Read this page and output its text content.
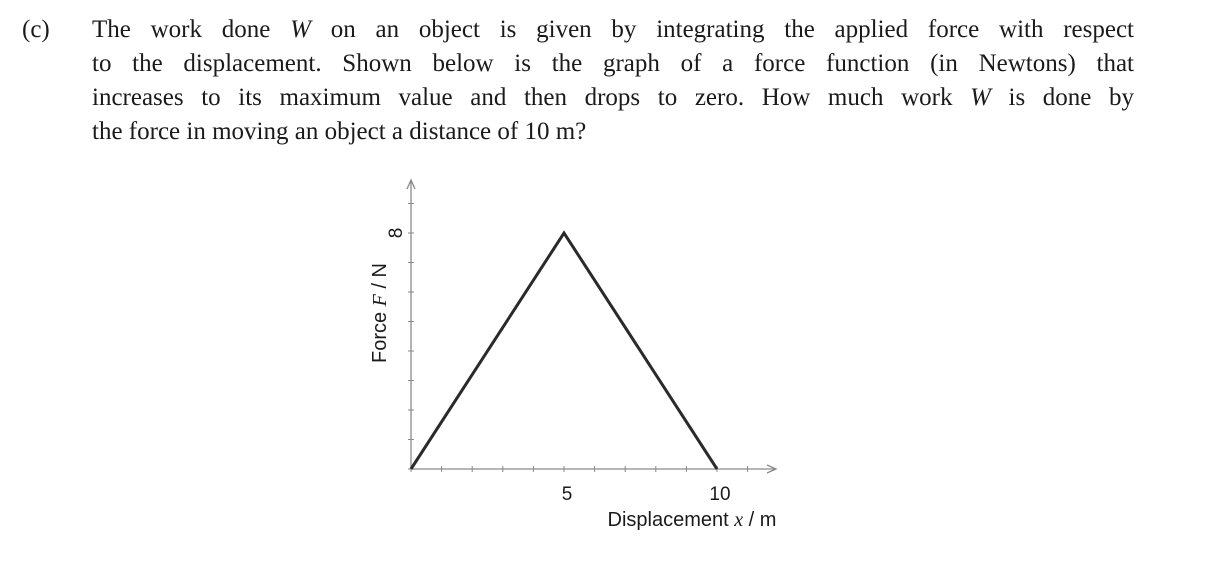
(c) The work done W on an object is given by integrating the applied force with respect
to the displacement. Shown below is the graph of a force function (in Newtons) that
increases to its maximum value and then drops to zero. How much work W is done by
the force in moving an object a distance of 10 m?
5	10
8
Displacement x / m
Force F / N
